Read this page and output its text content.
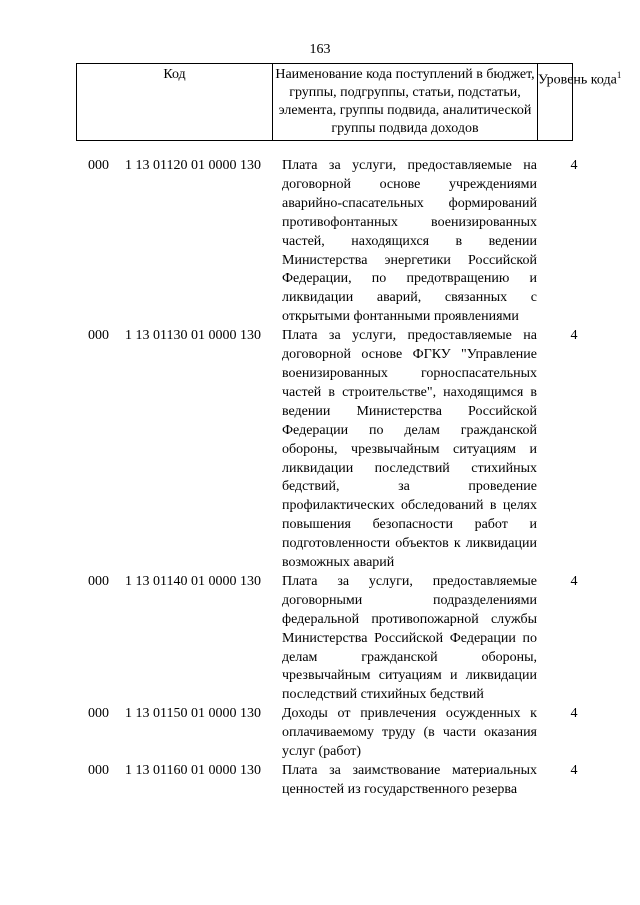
163
Код	Наименование кода поступлений в бюджет, группы, подгруппы, статьи, подстатьи, элемента, группы подвида, аналитической группы подвида доходов
Уровень кода$^1$
000 1 13 01120 01 0000 130 Плата за услуги, предоставляемые на договорной основе учреждениями аварийно-спасательных формирований противофонтанных военизированных частей, находящихся в ведении Министерства энергетики Российской Федерации, по предотвращению и ликвидации аварий, связанных с открытыми фонтанными проявлениями
4
000 1 13 01130 01 0000 130 Плата за услуги, предоставляемые на договорной основе ФГКУ "Управление военизированных горноспасательных частей в строительстве", находящимся в ведении Министерства Российской Федерации по делам гражданской обороны, чрезвычайным ситуациям и ликвидации последствий стихийных бедствий, за проведение профилактических обследований в целях повышения безопасности работ и подготовленности объектов к ликвидации возможных аварий
4
000 1 13 01140 01 0000 130 Плата за услуги, предоставляемые договорными подразделениями федеральной противопожарной службы Министерства Российской Федерации по делам гражданской обороны, чрезвычайным ситуациям и ликвидации последствий стихийных бедствий
4
000 1 13 01150 01 0000 130 Доходы от привлечения осужденных к оплачиваемому труду (в части оказания услуг (работ)
4
000 1 13 01160 01 0000 130 Плата за заимствование материальных ценностей из государственного резерва
4
